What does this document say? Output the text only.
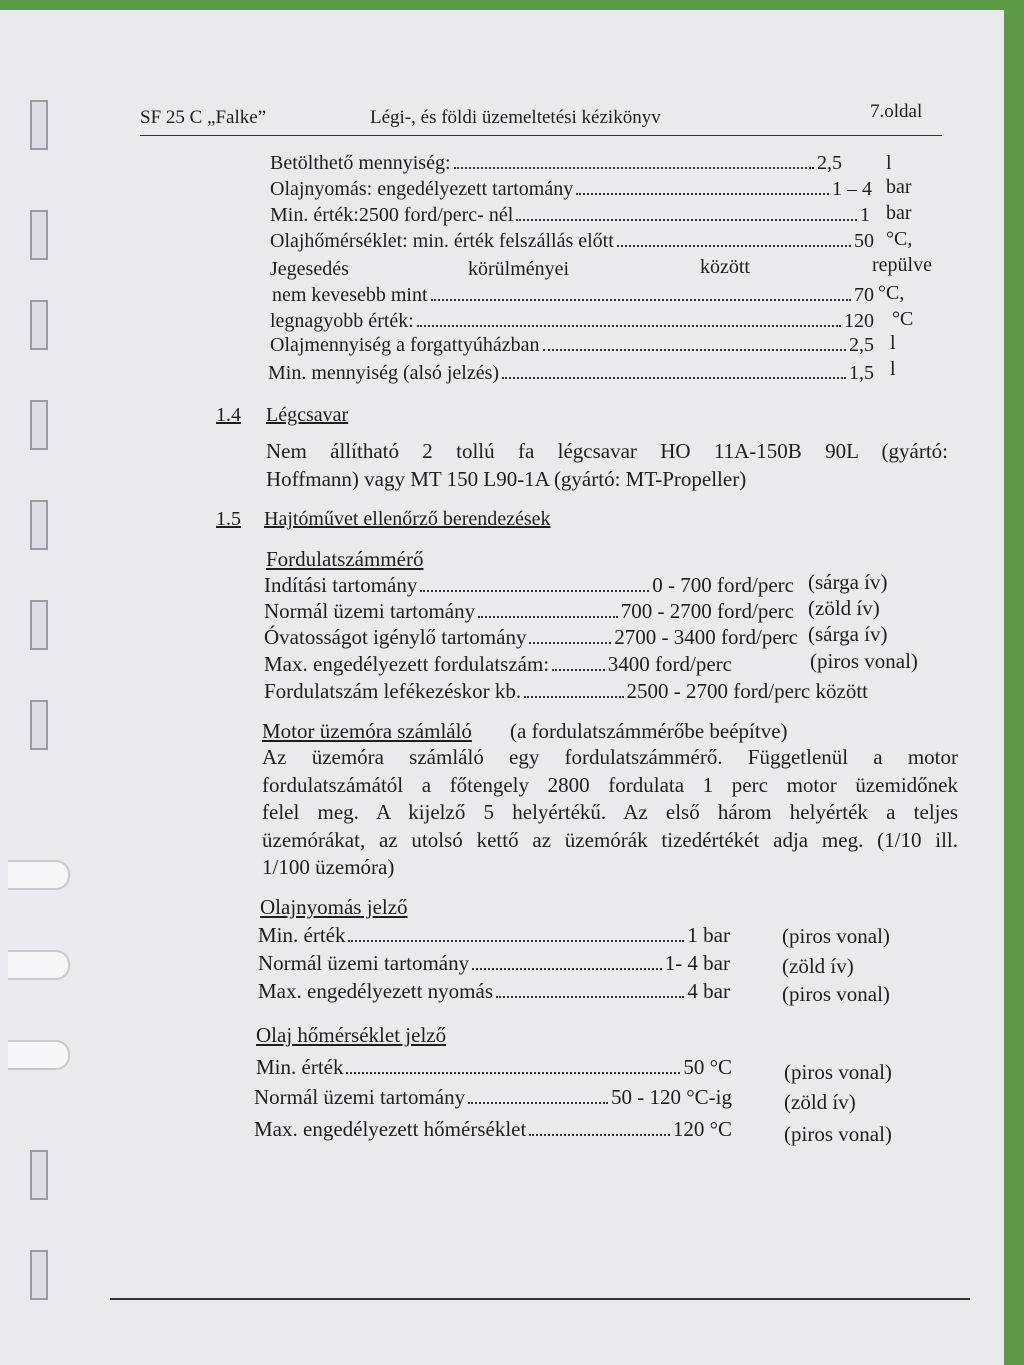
SF 25 C „Falke”	Légi-, és földi üzemeltetési kézikönyv	7.oldal
Betölthető mennyiség:	2,5 l
Olajnyomás: engedélyezett tartomány	1 – 4 bar
Min. érték:2500 ford/perc- nél	1 bar
Olajhőmérséklet: min. érték felszállás előtt	50 °C,
Jegesedés	körülményei	között	repülve
nem kevesebb mint	70 °C,
legnagyobb érték:	120 °C
Olajmennyiség a forgattyúházban	2,5 l
Min. mennyiség (alsó jelzés)	1,5 l
1.4 Légcsavar
Nem állítható 2 tollú fa légcsavar HO 11A-150B 90L (gyártó:
Hoffmann) vagy MT 150 L90-1A (gyártó: MT-Propeller)
1.5 Hajtóművet ellenőrző berendezések
Fordulatszámmérő
Indítási tartomány	0 - 700 ford/perc (sárga ív)
Normál üzemi tartomány	700 - 2700 ford/perc (zöld ív)
Óvatosságot igénylő tartomány	2700 - 3400 ford/perc (sárga ív)
Max. engedélyezett fordulatszám:	3400 ford/perc	(piros vonal)
Fordulatszám lefékezéskor kb.	2500 - 2700 ford/perc között
Motor üzemóra számláló (a fordulatszámmérőbe beépítve)
Az üzemóra számláló egy fordulatszámmérő. Függetlenül a motor
fordulatszámától a főtengely 2800 fordulata 1 perc motor üzemidőnek
felel meg. A kijelző 5 helyértékű. Az első három helyérték a teljes
üzemórákat, az utolsó kettő az üzemórák tizedértékét adja meg. (1/10 ill.
1/100 üzemóra)
Olajnyomás jelző
Min. érték	1 bar (piros vonal)
Normál üzemi tartomány	1- 4 bar (zöld ív)
Max. engedélyezett nyomás	4 bar (piros vonal)
Olaj hőmérséklet jelző
Min. érték	50 °C (piros vonal)
Normál üzemi tartomány	50 - 120 °C-ig (zöld ív)
Max. engedélyezett hőmérséklet	120 °C (piros vonal)
